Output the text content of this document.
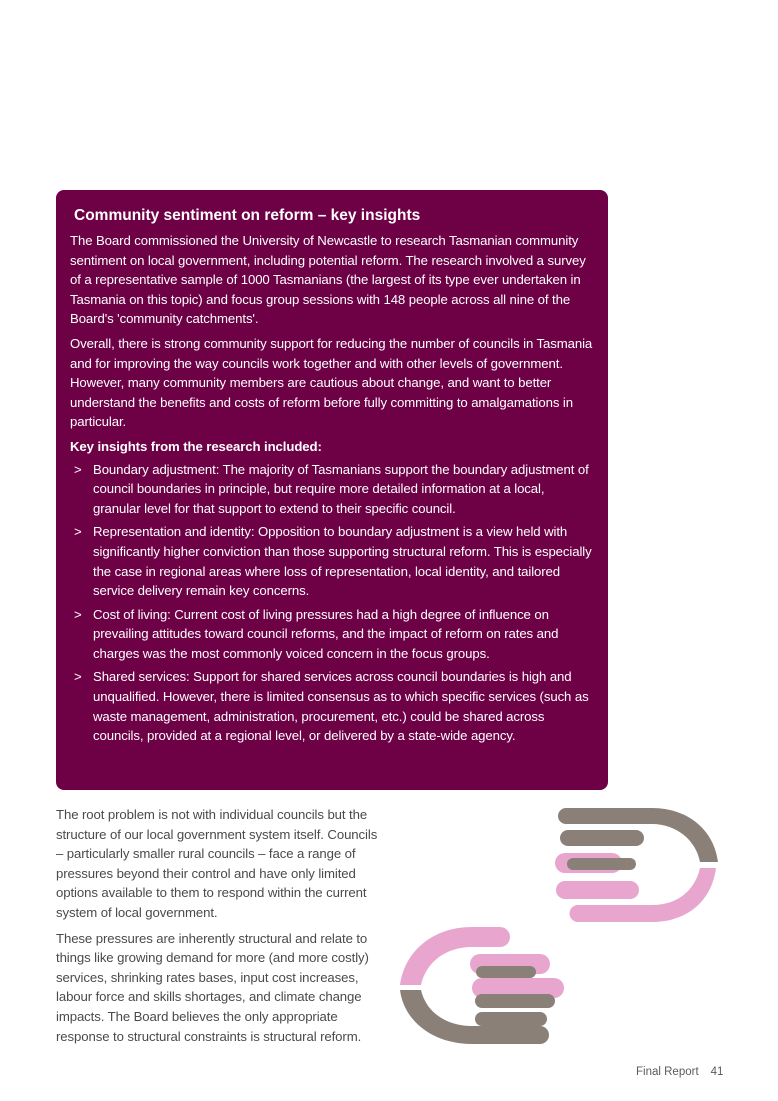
Community sentiment on reform – key insights

The Board commissioned the University of Newcastle to research Tasmanian community sentiment on local government, including potential reform. The research involved a survey of a representative sample of 1000 Tasmanians (the largest of its type ever undertaken in Tasmania on this topic) and focus group sessions with 148 people across all nine of the Board's 'community catchments'.

Overall, there is strong community support for reducing the number of councils in Tasmania and for improving the way councils work together and with other levels of government. However, many community members are cautious about change, and want to better understand the benefits and costs of reform before fully committing to amalgamations in particular.

Key insights from the research included:

> Boundary adjustment: The majority of Tasmanians support the boundary adjustment of council boundaries in principle, but require more detailed information at a local, granular level for that support to extend to their specific council.
> Representation and identity: Opposition to boundary adjustment is a view held with significantly higher conviction than those supporting structural reform. This is especially the case in regional areas where loss of representation, local identity, and tailored service delivery remain key concerns.
> Cost of living: Current cost of living pressures had a high degree of influence on prevailing attitudes toward council reforms, and the impact of reform on rates and charges was the most commonly voiced concern in the focus groups.
> Shared services: Support for shared services across council boundaries is high and unqualified. However, there is limited consensus as to which specific services (such as waste management, administration, procurement, etc.) could be shared across councils, provided at a regional level, or delivered by a state-wide agency.

The root problem is not with individual councils but the structure of our local government system itself. Councils – particularly smaller rural councils – face a range of pressures beyond their control and have only limited options available to them to respond within the current system of local government.

These pressures are inherently structural and relate to things like growing demand for more (and more costly) services, shrinking rates bases, input cost increases, labour force and skills shortages, and climate change impacts. The Board believes the only appropriate response to structural constraints is structural reform.

Final Report 41
